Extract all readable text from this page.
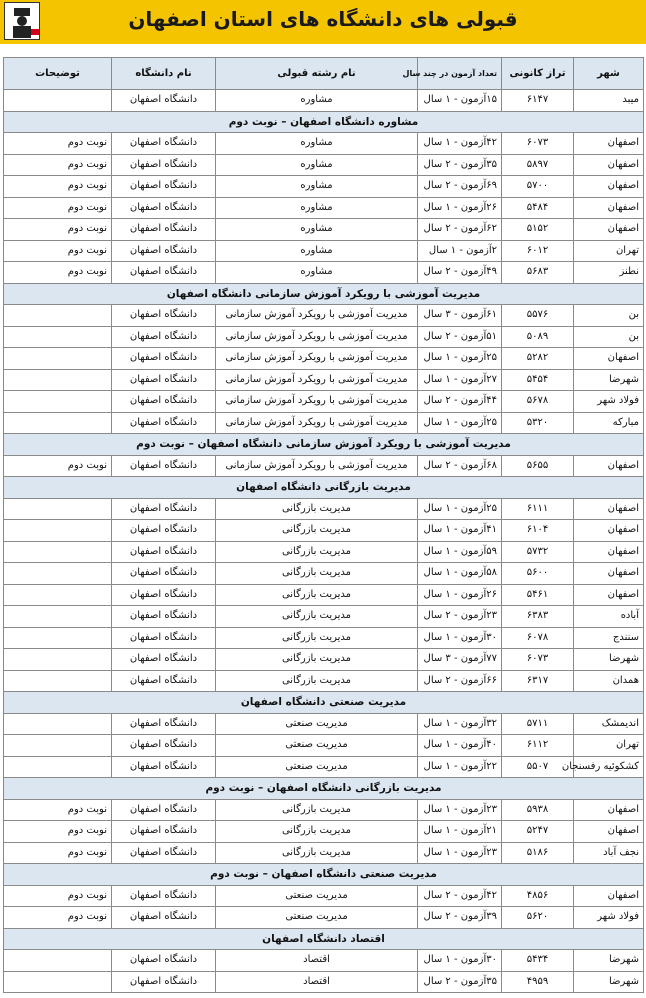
قبولی های دانشگاه های استان اصفهان
شهر	تراز کانونی	تعداد آزمون در چند سال	نام رشته قبولی	نام دانشگاه	توضیحات
میبد	۶۱۴۷	۱۵آزمون - ۱ سال	مشاوره	دانشگاه اصفهان	
مشاوره دانشگاه اصفهان – نوبت دوم					
اصفهان	۶۰۷۳	۴۲آزمون - ۱ سال	مشاوره	دانشگاه اصفهان	نوبت دوم
اصفهان	۵۸۹۷	۳۵آزمون - ۲ سال	مشاوره	دانشگاه اصفهان	نوبت دوم
اصفهان	۵۷۰۰	۶۹آزمون - ۲ سال	مشاوره	دانشگاه اصفهان	نوبت دوم
اصفهان	۵۴۸۴	۲۶آزمون - ۱ سال	مشاوره	دانشگاه اصفهان	نوبت دوم
اصفهان	۵۱۵۲	۶۲آزمون - ۲ سال	مشاوره	دانشگاه اصفهان	نوبت دوم
تهران	۶۰۱۲	۲آزمون - ۱ سال	مشاوره	دانشگاه اصفهان	نوبت دوم
نطنز	۵۶۸۳	۴۹آزمون - ۲ سال	مشاوره	دانشگاه اصفهان	نوبت دوم
مدیریت آموزشی با رویکرد آموزش سازمانی دانشگاه اصفهان					
بن	۵۵۷۶	۶۱آزمون - ۳ سال	مدیریت آموزشی با رویکرد آموزش سازمانی	دانشگاه اصفهان	
بن	۵۰۸۹	۵۱آزمون - ۲ سال	مدیریت آموزشی با رویکرد آموزش سازمانی	دانشگاه اصفهان	
اصفهان	۵۲۸۲	۲۵آزمون - ۱ سال	مدیریت آموزشی با رویکرد آموزش سازمانی	دانشگاه اصفهان	
شهرضا	۵۴۵۴	۲۷آزمون - ۱ سال	مدیریت آموزشی با رویکرد آموزش سازمانی	دانشگاه اصفهان	
فولاد شهر	۵۶۷۸	۴۴آزمون - ۲ سال	مدیریت آموزشی با رویکرد آموزش سازمانی	دانشگاه اصفهان	
مبارکه	۵۳۲۰	۲۵آزمون - ۱ سال	مدیریت آموزشی با رویکرد آموزش سازمانی	دانشگاه اصفهان	
مدیریت آموزشی با رویکرد آموزش سازمانی دانشگاه اصفهان – نوبت دوم					
اصفهان	۵۶۵۵	۶۸آزمون - ۲ سال	مدیریت آموزشی با رویکرد آموزش سازمانی	دانشگاه اصفهان	نوبت دوم
مدیریت بازرگانی دانشگاه اصفهان					
اصفهان	۶۱۱۱	۲۵آزمون - ۱ سال	مدیریت بازرگانی	دانشگاه اصفهان	
اصفهان	۶۱۰۴	۴۱آزمون - ۱ سال	مدیریت بازرگانی	دانشگاه اصفهان	
اصفهان	۵۷۳۲	۵۹آزمون - ۱ سال	مدیریت بازرگانی	دانشگاه اصفهان	
اصفهان	۵۶۰۰	۵۸آزمون - ۱ سال	مدیریت بازرگانی	دانشگاه اصفهان	
اصفهان	۵۴۶۱	۲۶آزمون - ۱ سال	مدیریت بازرگانی	دانشگاه اصفهان	
آباده	۶۳۸۳	۲۳آزمون - ۲ سال	مدیریت بازرگانی	دانشگاه اصفهان	
سنندج	۶۰۷۸	۳۰آزمون - ۱ سال	مدیریت بازرگانی	دانشگاه اصفهان	
شهرضا	۶۰۷۳	۷۷آزمون - ۳ سال	مدیریت بازرگانی	دانشگاه اصفهان	
همدان	۶۳۱۷	۶۶آزمون - ۲ سال	مدیریت بازرگانی	دانشگاه اصفهان	
مدیریت صنعتی دانشگاه اصفهان					
اندیمشک	۵۷۱۱	۳۲آزمون - ۱ سال	مدیریت صنعتی	دانشگاه اصفهان	
تهران	۶۱۱۲	۴۰آزمون - ۱ سال	مدیریت صنعتی	دانشگاه اصفهان	
کشکوئیه رفسنجان	۵۵۰۷	۲۲آزمون - ۱ سال	مدیریت صنعتی	دانشگاه اصفهان	
مدیریت بازرگانی دانشگاه اصفهان – نوبت دوم					
اصفهان	۵۹۳۸	۲۳آزمون - ۱ سال	مدیریت بازرگانی	دانشگاه اصفهان	نوبت دوم
اصفهان	۵۲۴۷	۲۱آزمون - ۱ سال	مدیریت بازرگانی	دانشگاه اصفهان	نوبت دوم
نجف آباد	۵۱۸۶	۲۳آزمون - ۱ سال	مدیریت بازرگانی	دانشگاه اصفهان	نوبت دوم
مدیریت صنعتی دانشگاه اصفهان – نوبت دوم					
اصفهان	۴۸۵۶	۴۲آزمون - ۲ سال	مدیریت صنعتی	دانشگاه اصفهان	نوبت دوم
فولاد شهر	۵۶۲۰	۳۹آزمون - ۲ سال	مدیریت صنعتی	دانشگاه اصفهان	نوبت دوم
اقتصاد دانشگاه اصفهان					
شهرضا	۵۴۳۴	۳۰آزمون - ۱ سال	اقتصاد	دانشگاه اصفهان	
شهرضا	۴۹۵۹	۳۵آزمون - ۲ سال	اقتصاد	دانشگاه اصفهان	
